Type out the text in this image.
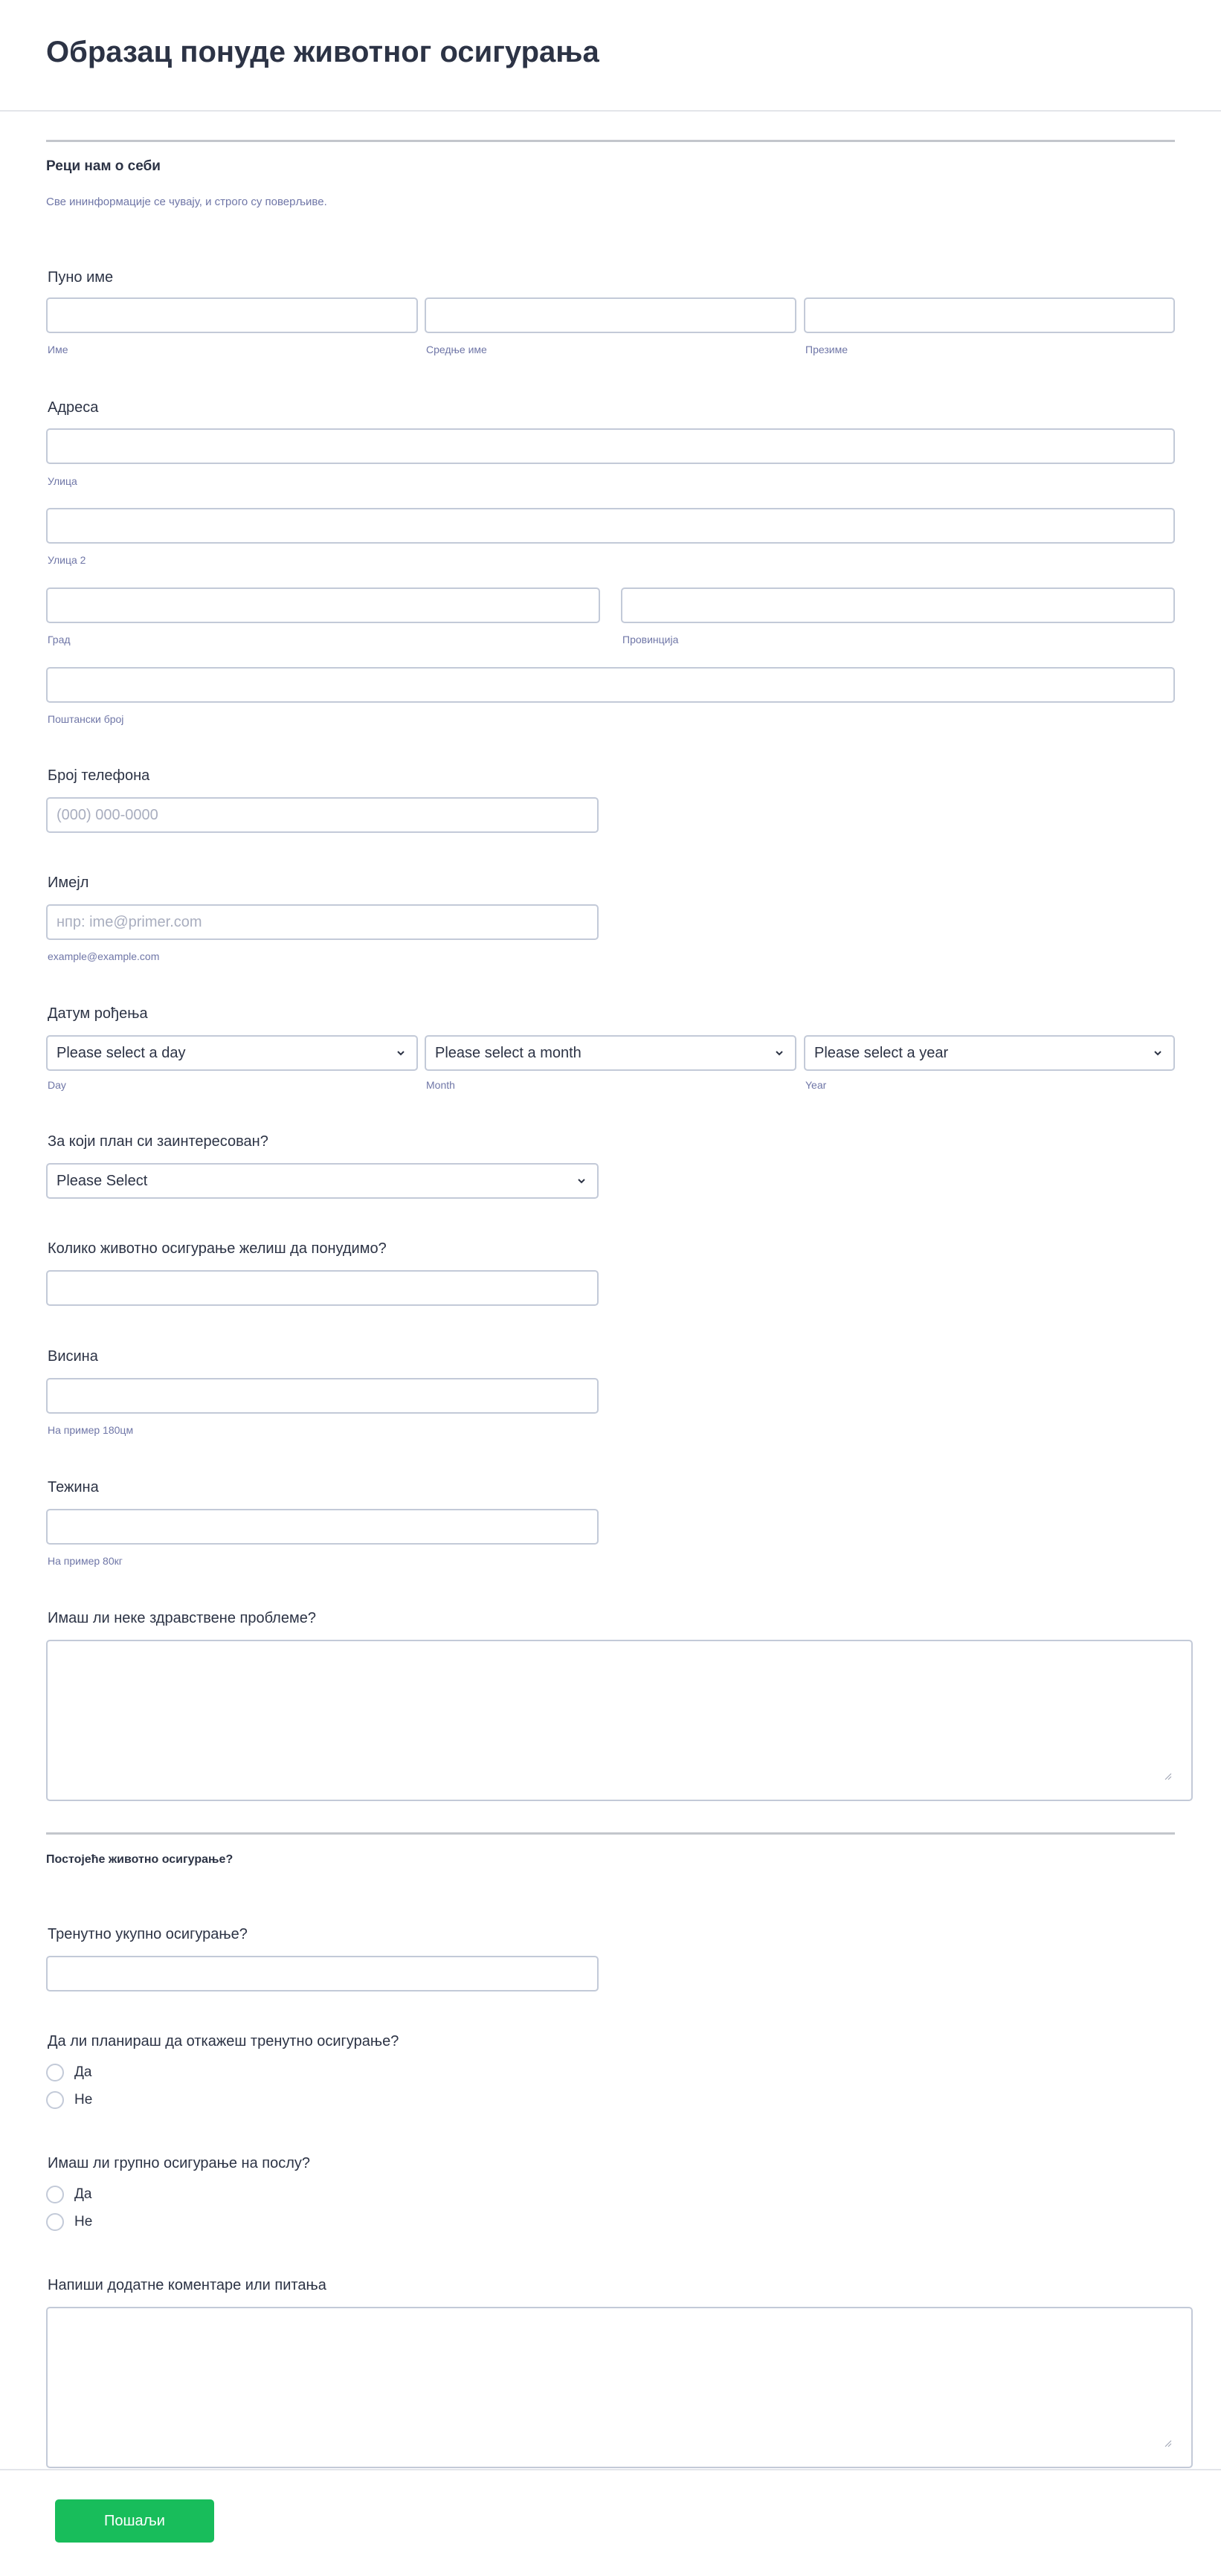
Образац понуде животног осигурања
Реци нам о себи
Све ининформације се чувају, и строго су поверљиве.
Пуно име
Име	Средње име	Презиме
Адреса
Улица
Улица 2
Град	Провинција
Поштански број
Број телефона
(000) 000-0000
Имејл
нпр: ime@primer.com
example@example.com
Датум рођења
Please select a day	Please select a month	Please select a year
Day	Month	Year
За који план си заинтересован?
Please Select
Колико животно осигурање желиш да понудимо?
Висина
На пример 180цм
Тежина
На пример 80кг
Имаш ли неке здравствене проблеме?
Постојеће животно осигурање?
Тренутно укупно осигурање?
Да ли планираш да откажеш тренутно осигурање?
Да
Не
Имаш ли групно осигурање на послу?
Да
Не
Напиши додатне коментаре или питања
Пошаљи
